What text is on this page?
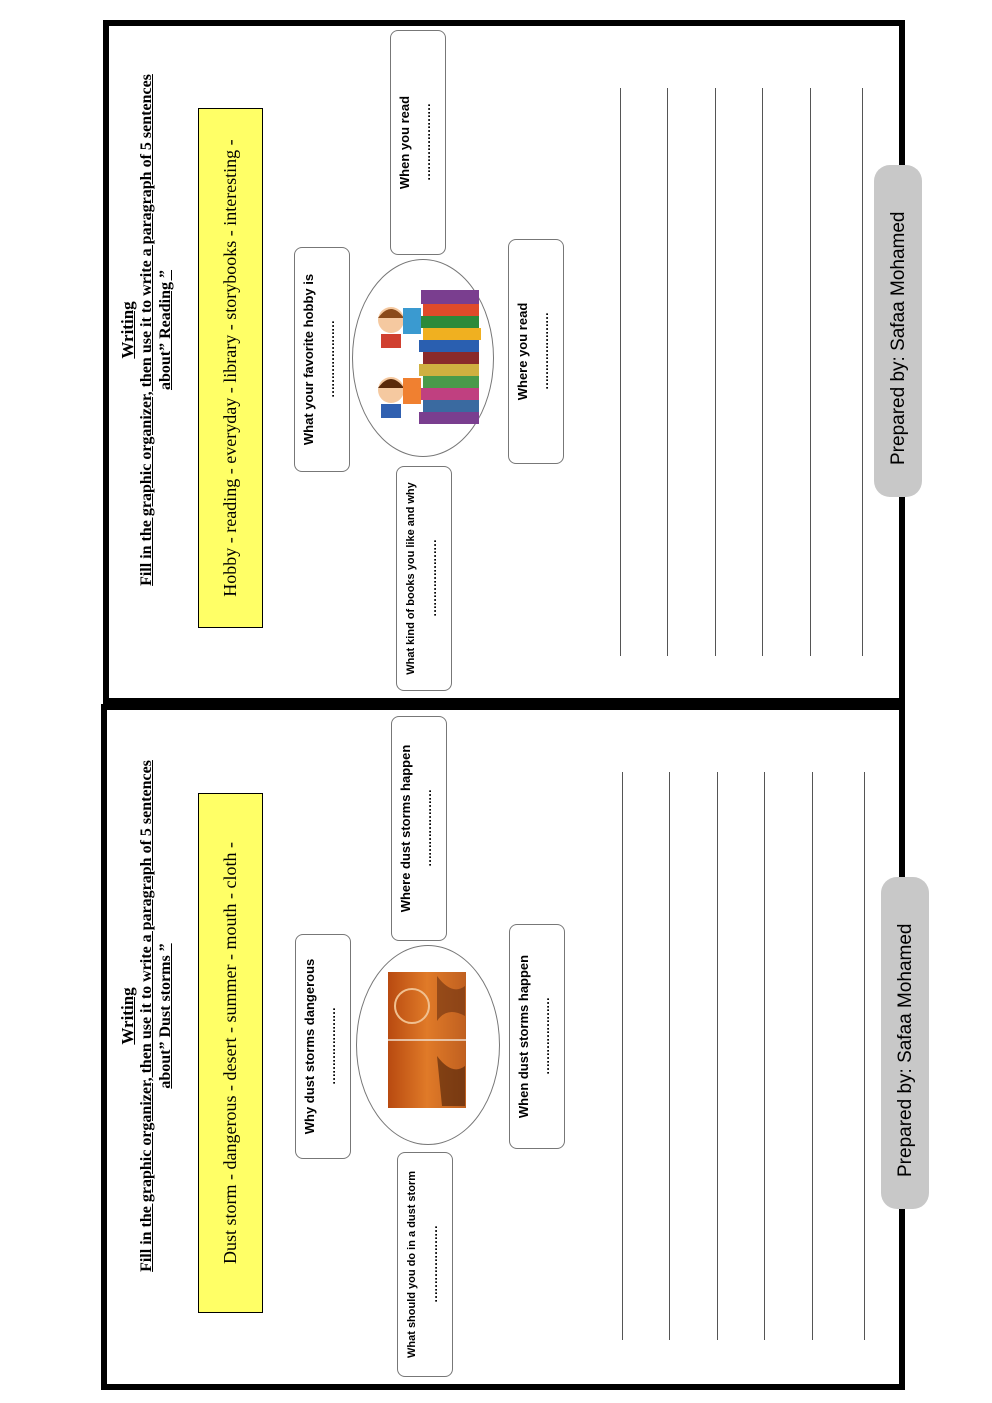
Writing Fill in the graphic organizer, then use it to write a paragraph of 5 sentences about” Reading ”	Hobby - reading - everyday - library - storybooks - interesting -	What your favorite hobby is …………………
When you read …………………
What kind of books you like and why …………………
Where you read …………………	Prepared by: Safaa Mohamed
Writing Fill in the graphic organizer, then use it to write a paragraph of 5 sentences about” Dust storms ”	Dust storm - dangerous - desert - summer - mouth - cloth -	Why dust storms dangerous …………………
Where dust storms happen …………………
What should you do in a dust storm …………………
When dust storms happen …………………	Prepared by: Safaa Mohamed
